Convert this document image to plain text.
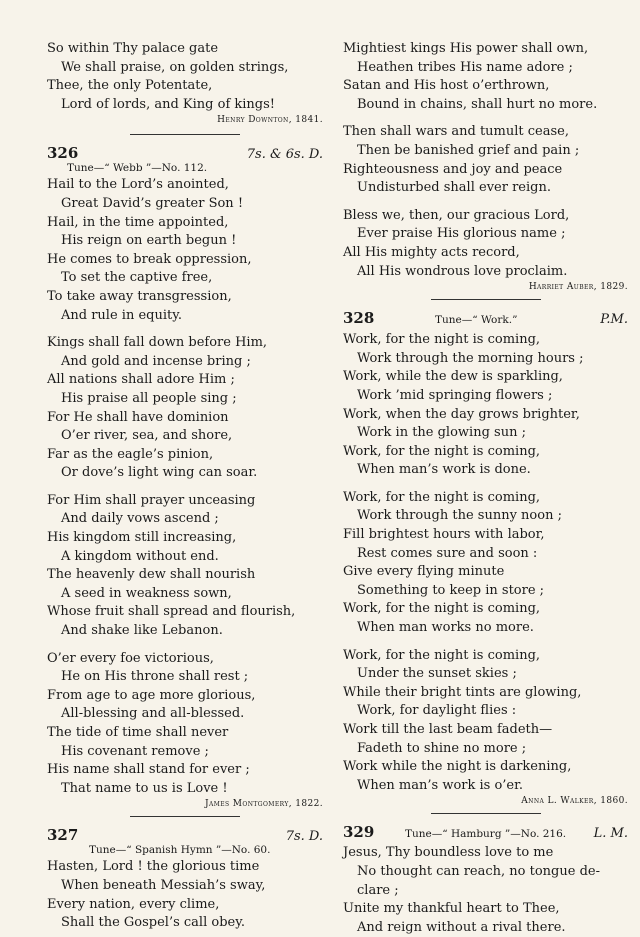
So within Thy palace gate
We shall praise, on golden strings,
Thee, the only Potentate,
Lord of lords, and King of kings!
Henry Downton, 1841.
326	7s. & 6s. D.
Tune—“ Webb ”—No. 112.
Hail to the Lord’s anointed,
Great David’s greater Son !
Hail, in the time appointed,
His reign on earth begun !
He comes to break oppression,
To set the captive free,
To take away transgression,
And rule in equity.
Kings shall fall down before Him,
And gold and incense bring ;
All nations shall adore Him ;
His praise all people sing ;
For He shall have dominion
O’er river, sea, and shore,
Far as the eagle’s pinion,
Or dove’s light wing can soar.
For Him shall prayer unceasing
And daily vows ascend ;
His kingdom still increasing,
A kingdom without end.
The heavenly dew shall nourish
A seed in weakness sown,
Whose fruit shall spread and flourish,
And shake like Lebanon.
O’er every foe victorious,
He on His throne shall rest ;
From age to age more glorious,
All-blessing and all-blessed.
The tide of time shall never
His covenant remove ;
His name shall stand for ever ;
That name to us is Love !
James Montgomery, 1822.
327	7s. D.
Tune—“ Spanish Hymn ”—No. 60.
Hasten, Lord ! the glorious time
When beneath Messiah’s sway,
Every nation, every clime,
Shall the Gospel’s call obey.
Mightiest kings His power shall own,
Heathen tribes His name adore ;
Satan and His host o’erthrown,
Bound in chains, shall hurt no more.
Then shall wars and tumult cease,
Then be banished grief and pain ;
Righteousness and joy and peace
Undisturbed shall ever reign.
Bless we, then, our gracious Lord,
Ever praise His glorious name ;
All His mighty acts record,
All His wondrous love proclaim.
Harriet Auber, 1829.
328	Tune—“ Work.”	P.M.
Work, for the night is coming,
Work through the morning hours ;
Work, while the dew is sparkling,
Work ’mid springing flowers ;
Work, when the day grows brighter,
Work in the glowing sun ;
Work, for the night is coming,
When man’s work is done.
Work, for the night is coming,
Work through the sunny noon ;
Fill brightest hours with labor,
Rest comes sure and soon :
Give every flying minute
Something to keep in store ;
Work, for the night is coming,
When man works no more.
Work, for the night is coming,
Under the sunset skies ;
While their bright tints are glowing,
Work, for daylight flies :
Work till the last beam fadeth—
Fadeth to shine no more ;
Work while the night is darkening,
When man’s work is o’er.
Anna L. Walker, 1860.
329	Tune—“ Hamburg ”—No. 216. L. M.
Jesus, Thy boundless love to me
No thought can reach, no tongue de-
clare ;
Unite my thankful heart to Thee,
And reign without a rival there.
